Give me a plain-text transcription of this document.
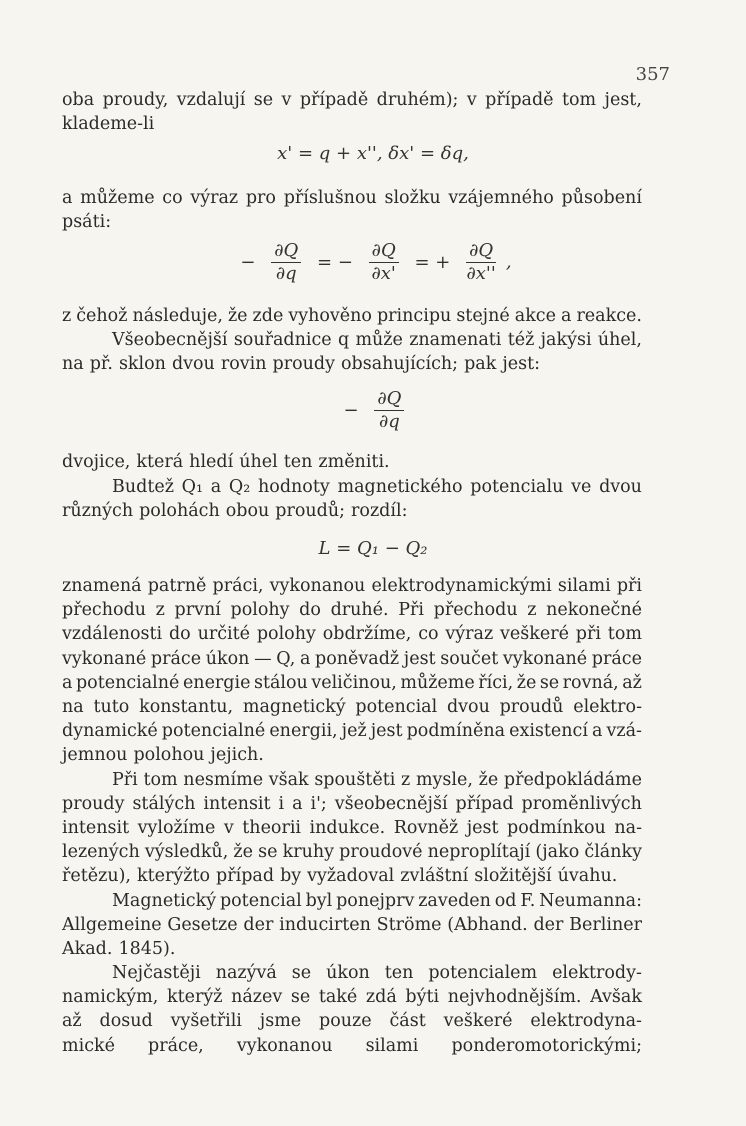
357
oba proudy, vzdalují se v případě druhém); v případě tom jest,
klademe-li
x' = q + x'', δx' = δq,
a můžeme co výraz pro příslušnou složku vzájemného působení
psáti:
− $\frac{\partial Q}{\partial q}$ = − $\frac{\partial Q}{\partial x'}$ = + $\frac{\partial Q}{\partial x''}$ ,
z čehož následuje, že zde vyhověno principu stejné akce a reakce.
Všeobecnější souřadnice q může znamenati též jakýsi úhel,
na př. sklon dvou rovin proudy obsahujících; pak jest:
− $\frac{\partial Q}{\partial q}$
dvojice, která hledí úhel ten změniti.
Budtež Q₁ a Q₂ hodnoty magnetického potencialu ve dvou
různých polohách obou proudů; rozdíl:
L = Q₁ − Q₂
znamená patrně práci, vykonanou elektrodynamickými silami při
přechodu z první polohy do druhé. Při přechodu z nekonečné
vzdálenosti do určité polohy obdržíme, co výraz veškeré při tom
vykonané práce úkon — Q, a poněvadž jest součet vykonané práce
a potencialné energie stálou veličinou, můžeme říci, že se rovná, až
na tuto konstantu, magnetický potencial dvou proudů elektro-
dynamické potencialné energii, jež jest podmíněna existencí a vzá-
jemnou polohou jejich.
Při tom nesmíme však spouštěti z mysle, že předpokládáme
proudy stálých intensit i a i'; všeobecnější případ proměnlivých
intensit vyložíme v theorii indukce. Rovněž jest podmínkou na-
lezených výsledků, že se kruhy proudové neproplítají (jako články
řetězu), kterýžto případ by vyžadoval zvláštní složitější úvahu.
Magnetický potencial byl ponejprv zaveden od F. Neumanna:
Allgemeine Gesetze der inducirten Ströme (Abhand. der Berliner
Akad. 1845).
Nejčastěji nazývá se úkon ten potencialem elektrody-
namickým, kterýž název se také zdá býti nejvhodnějším. Avšak
až dosud vyšetřili jsme pouze část veškeré elektrodyna-
mické práce, vykonanou silami ponderomotorickými;
